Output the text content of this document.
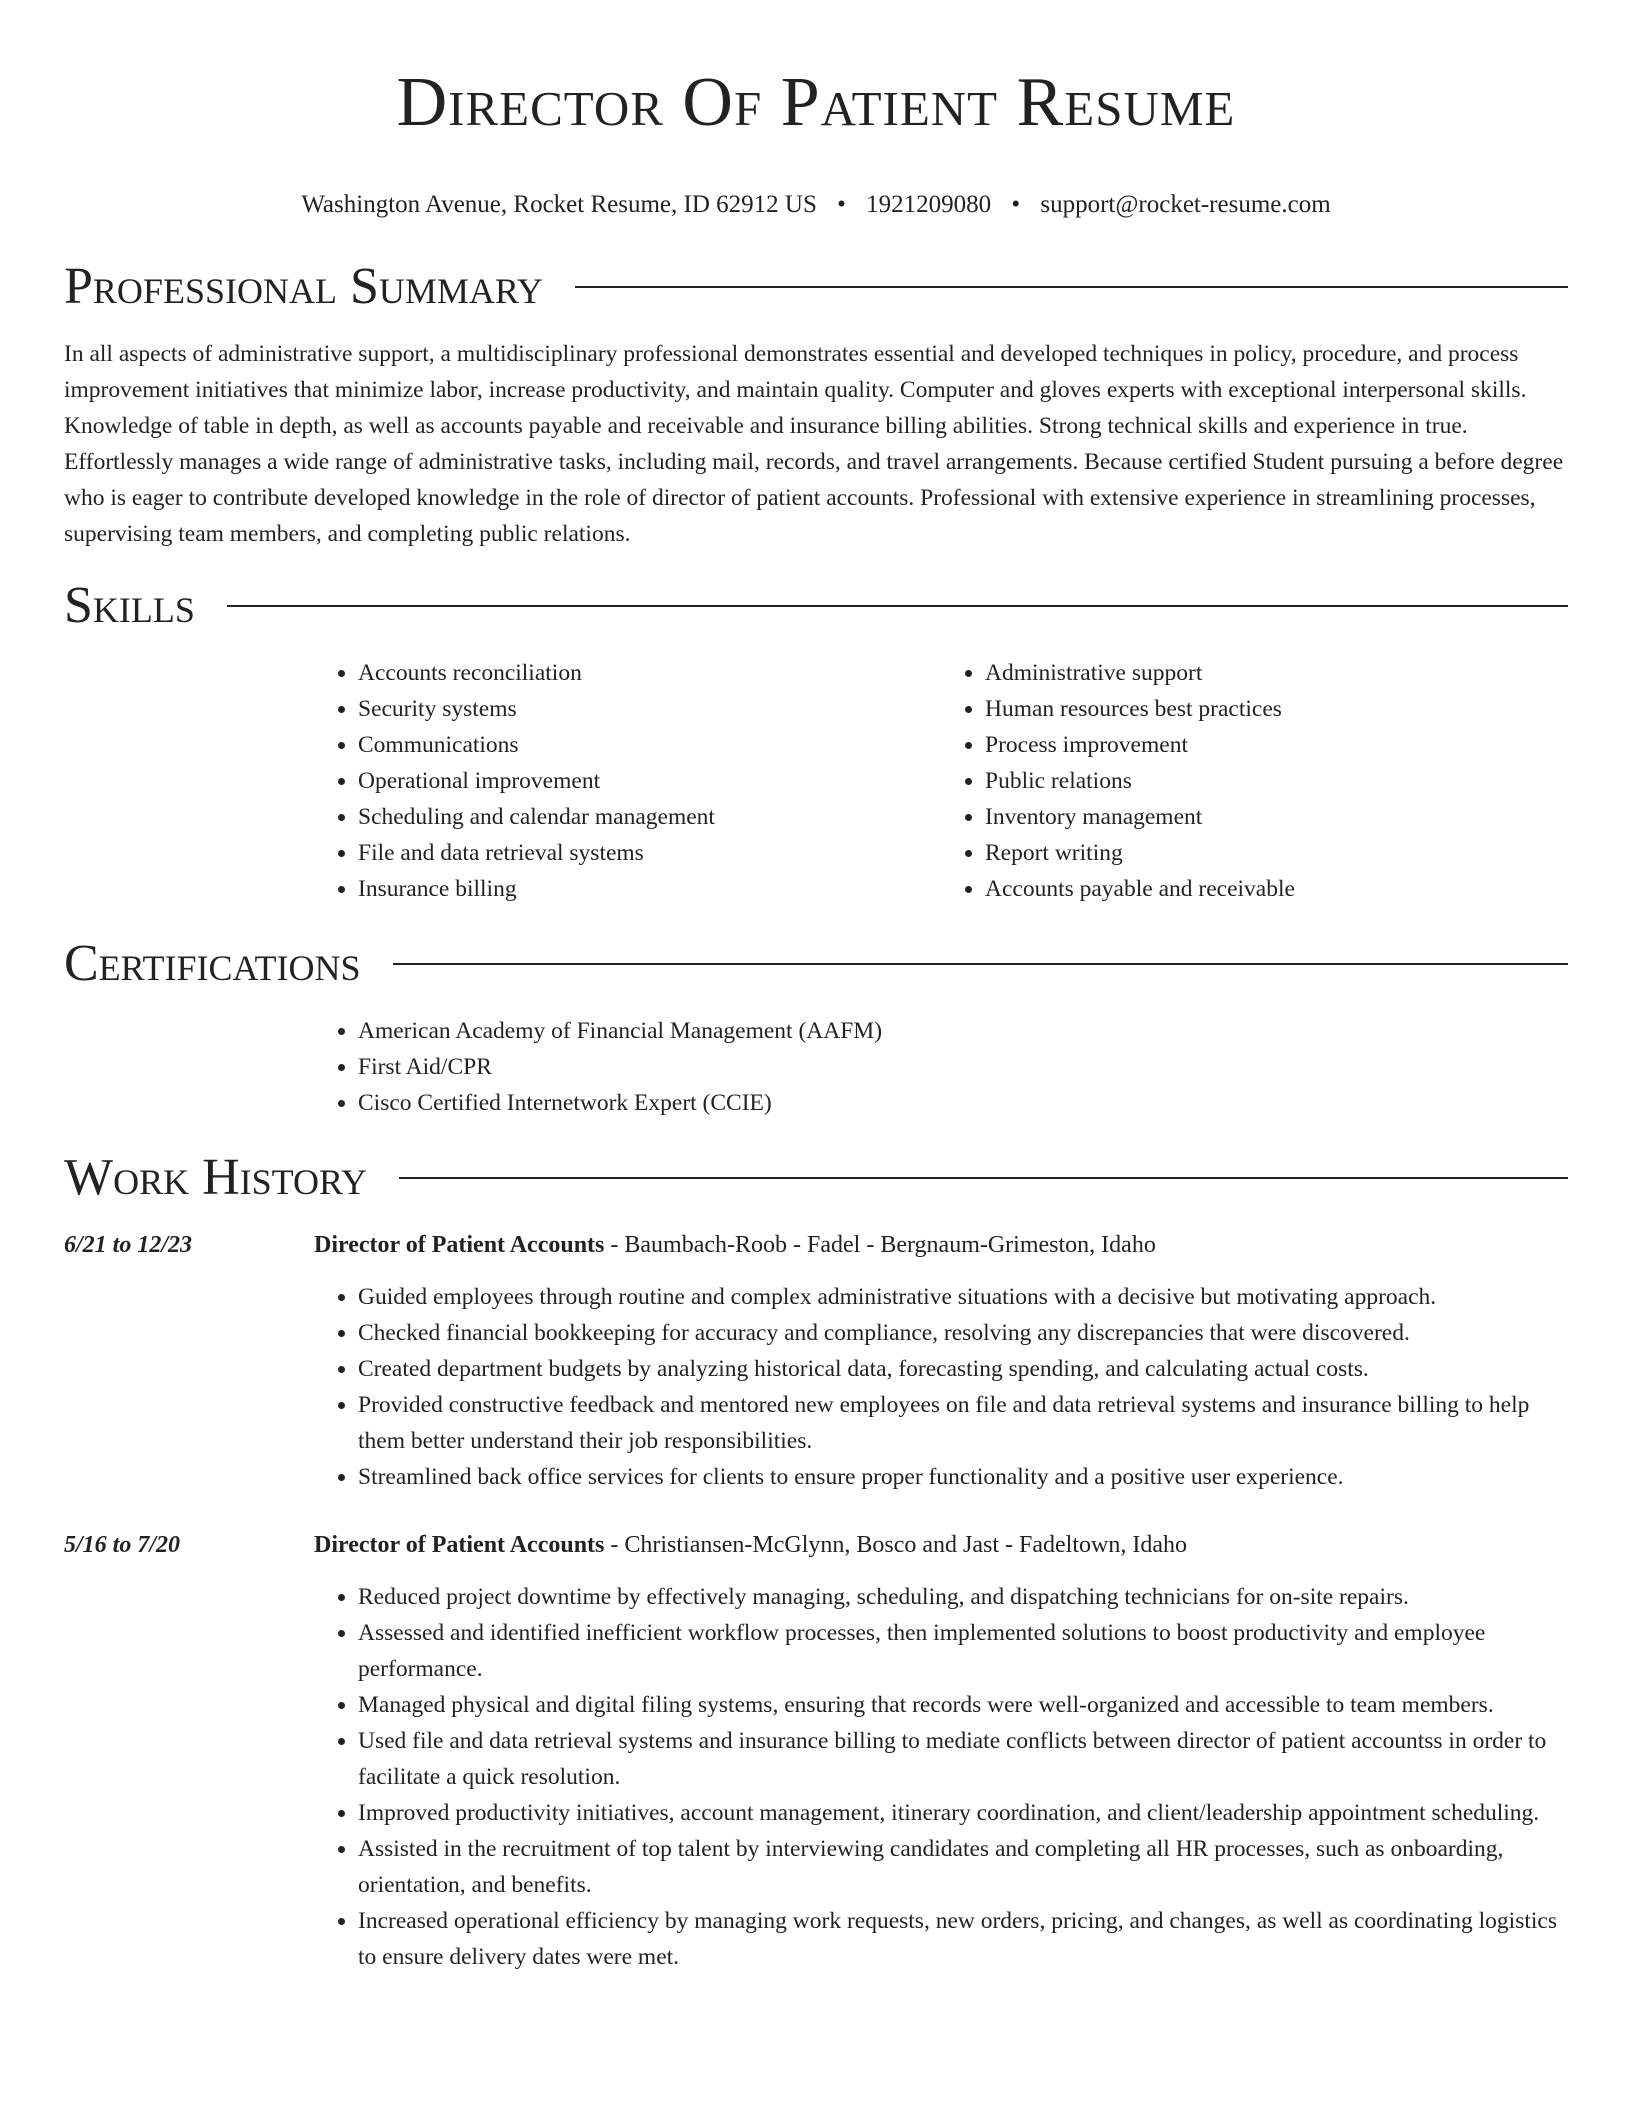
Director Of Patient Resume
Washington Avenue, Rocket Resume, ID 62912 US • 1921209080 • support@rocket-resume.com
Professional Summary

In all aspects of administrative support, a multidisciplinary professional demonstrates essential and developed techniques in policy, procedure, and process improvement initiatives that minimize labor, increase productivity, and maintain quality. Computer and gloves experts with exceptional interpersonal skills. Knowledge of table in depth, as well as accounts payable and receivable and insurance billing abilities. Strong technical skills and experience in true. Effortlessly manages a wide range of administrative tasks, including mail, records, and travel arrangements. Because certified Student pursuing a before degree who is eager to contribute developed knowledge in the role of director of patient accounts. Professional with extensive experience in streamlining processes, supervising team members, and completing public relations.

Skills
• Accounts reconciliation
• Security systems
• Communications
• Operational improvement
• Scheduling and calendar management
• File and data retrieval systems
• Insurance billing
• Administrative support
• Human resources best practices
• Process improvement
• Public relations
• Inventory management
• Report writing
• Accounts payable and receivable
Certifications
• American Academy of Financial Management (AAFM)
• First Aid/CPR
• Cisco Certified Internetwork Expert (CCIE)
Work History
6/21 to 12/23	Director of Patient Accounts - Baumbach-Roob - Fadel - Bergnaum-Grimeston, Idaho
• Guided employees through routine and complex administrative situations with a decisive but motivating approach.
• Checked financial bookkeeping for accuracy and compliance, resolving any discrepancies that were discovered.
• Created department budgets by analyzing historical data, forecasting spending, and calculating actual costs.
• Provided constructive feedback and mentored new employees on file and data retrieval systems and insurance billing to help them better understand their job responsibilities.
• Streamlined back office services for clients to ensure proper functionality and a positive user experience.
5/16 to 7/20	Director of Patient Accounts - Christiansen-McGlynn, Bosco and Jast - Fadeltown, Idaho
• Reduced project downtime by effectively managing, scheduling, and dispatching technicians for on-site repairs.
• Assessed and identified inefficient workflow processes, then implemented solutions to boost productivity and employee performance.
• Managed physical and digital filing systems, ensuring that records were well-organized and accessible to team members.
• Used file and data retrieval systems and insurance billing to mediate conflicts between director of patient accountss in order to facilitate a quick resolution.
• Improved productivity initiatives, account management, itinerary coordination, and client/leadership appointment scheduling.
• Assisted in the recruitment of top talent by interviewing candidates and completing all HR processes, such as onboarding, orientation, and benefits.
• Increased operational efficiency by managing work requests, new orders, pricing, and changes, as well as coordinating logistics to ensure delivery dates were met.
